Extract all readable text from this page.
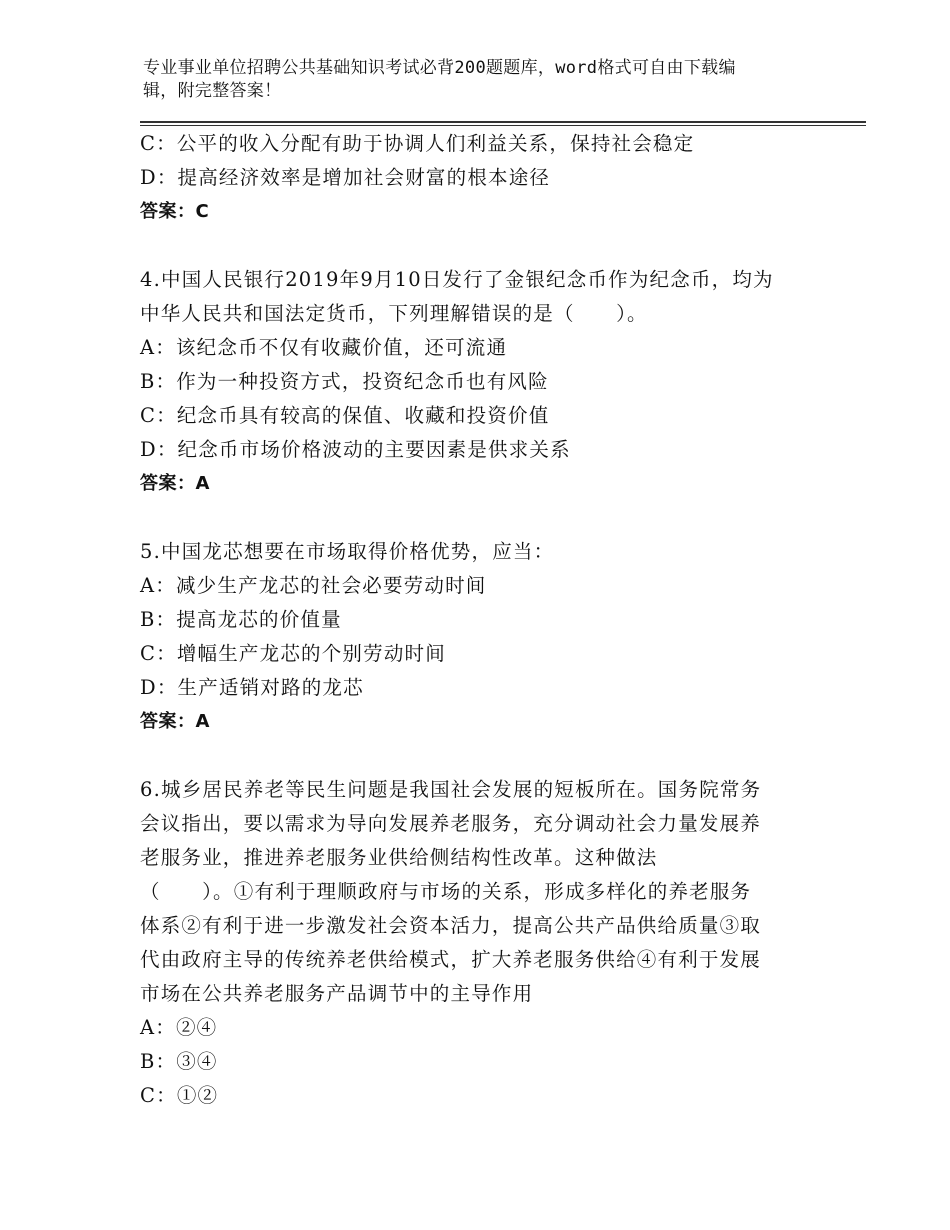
专业事业单位招聘公共基础知识考试必背200题题库，word格式可自由下载编
辑，附完整答案！
C：公平的收入分配有助于协调人们利益关系，保持社会稳定
D：提高经济效率是增加社会财富的根本途径
答案：C
4.中国人民银行2019年9月10日发行了金银纪念币作为纪念币，均为
中华人民共和国法定货币，下列理解错误的是（　　）。
A：该纪念币不仅有收藏价值，还可流通
B：作为一种投资方式，投资纪念币也有风险
C：纪念币具有较高的保值、收藏和投资价值
D：纪念币市场价格波动的主要因素是供求关系
答案：A
5.中国龙芯想要在市场取得价格优势，应当：
A：减少生产龙芯的社会必要劳动时间
B：提高龙芯的价值量
C：增幅生产龙芯的个别劳动时间
D：生产适销对路的龙芯
答案：A
6.城乡居民养老等民生问题是我国社会发展的短板所在。国务院常务
会议指出，要以需求为导向发展养老服务，充分调动社会力量发展养
老服务业，推进养老服务业供给侧结构性改革。这种做法
（　　）。①有利于理顺政府与市场的关系，形成多样化的养老服务
体系②有利于进一步激发社会资本活力，提高公共产品供给质量③取
代由政府主导的传统养老供给模式，扩大养老服务供给④有利于发展
市场在公共养老服务产品调节中的主导作用
A：②④
B：③④
C：①②
